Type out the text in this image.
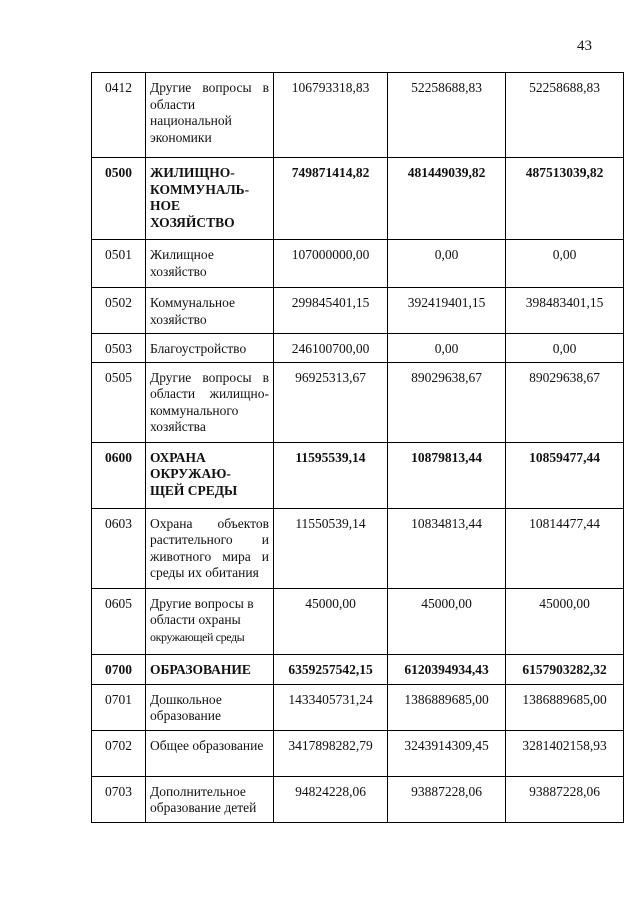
43
0412	Другие вопросы в области национальной экономики	106793318,83	52258688,83	52258688,83
0500	ЖИЛИЩНО-
КОММУНАЛЬ-
НОЕ
ХОЗЯЙСТВО	749871414,82	481449039,82	487513039,82
0501	Жилищное хозяйство	107000000,00	0,00	0,00
0502	Коммунальное хозяйство	299845401,15	392419401,15	398483401,15
0503	Благоустройство	246100700,00	0,00	0,00
0505	Другие вопросы в области жилищно-коммунального хозяйства	96925313,67	89029638,67	89029638,67
0600	ОХРАНА
ОКРУЖАЮ-
ЩЕЙ СРЕДЫ	11595539,14	10879813,44	10859477,44
0603	Охрана объектов растительного и животного мира и среды их обитания	11550539,14	10834813,44	10814477,44
0605	Другие вопросы в области охраны
окружающей среды	45000,00	45000,00	45000,00
0700	ОБРАЗОВАНИЕ	6359257542,15	6120394934,43	6157903282,32
0701	Дошкольное образование	1433405731,24	1386889685,00	1386889685,00
0702	Общее образование	3417898282,79	3243914309,45	3281402158,93
0703	Дополнительное образование детей	94824228,06	93887228,06	93887228,06
